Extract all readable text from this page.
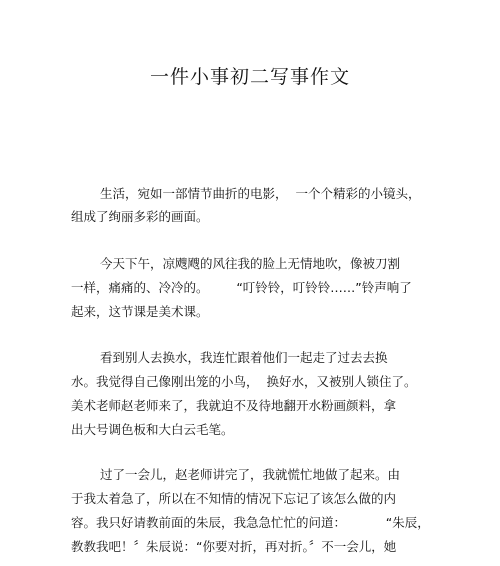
一件小事初二写事作文

生活，宛如一部情节曲折的电影，  一个个精彩的小镜头，

组成了绚丽多彩的画面。

今天下午，凉飕飕的风往我的脸上无情地吹，像被刀割

一样，痛痛的、冷冷的。       “叮铃铃，叮铃铃……”铃声响了

起来，这节课是美术课。

看到别人去换水，我连忙跟着他们一起走了过去去换

水。我觉得自己像刚出笼的小鸟，  换好水，又被别人锁住了。

美术老师赵老师来了，我就迫不及待地翻开水粉画颜料，拿

出大号调色板和大白云毛笔。

过了一会儿，赵老师讲完了，我就慌忙地做了起来。由

于我太着急了，所以在不知情的情况下忘记了该怎么做的内

容。我只好请教前面的朱辰，我急急忙忙的问道：          “朱辰，

教教我吧！〞朱辰说：“你要对折，再对折。〞不一会儿，她
